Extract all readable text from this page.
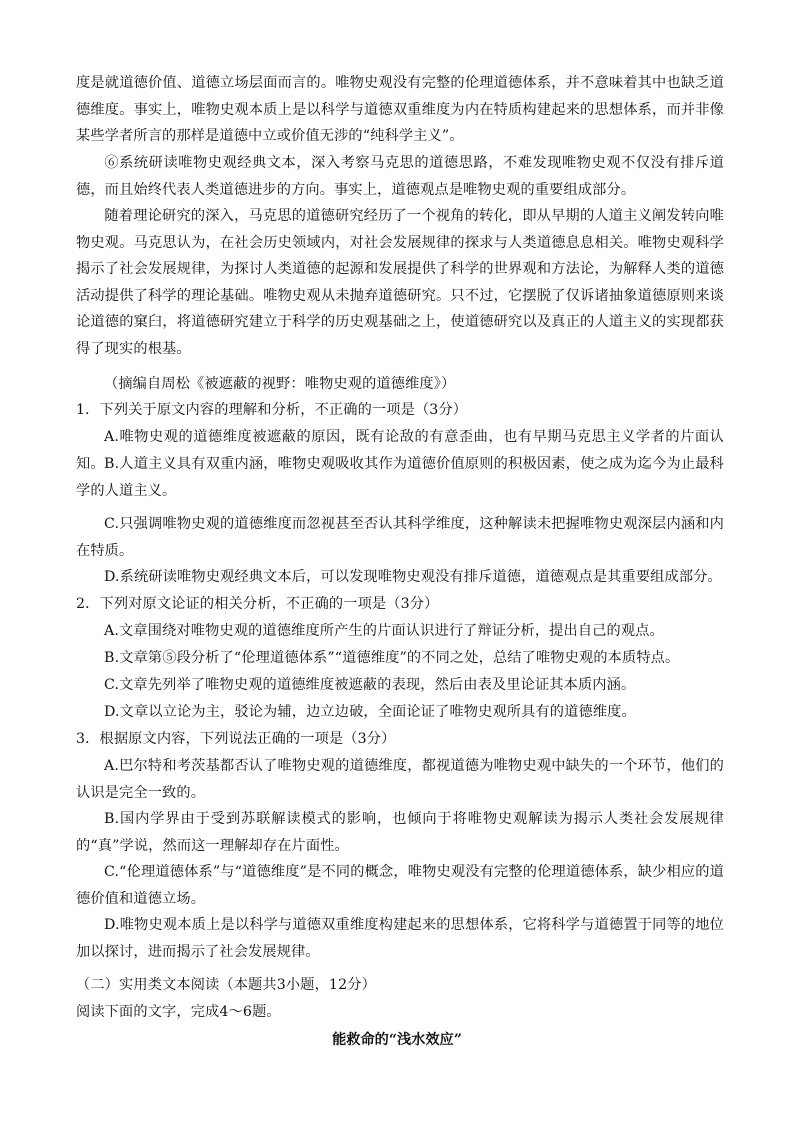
度是就道德价值、道德立场层面而言的。唯物史观没有完整的伦理道德体系，并不意味着其中也缺乏道德维度。事实上，唯物史观本质上是以科学与道德双重维度为内在特质构建起来的思想体系，而并非像某些学者所言的那样是道德中立或价值无涉的“纯科学主义”。

⑥系统研读唯物史观经典文本，深入考察马克思的道德思路，不难发现唯物史观不仅没有排斥道德，而且始终代表人类道德进步的方向。事实上，道德观点是唯物史观的重要组成部分。

随着理论研究的深入，马克思的道德研究经历了一个视角的转化，即从早期的人道主义阐发转向唯物史观。马克思认为，在社会历史领域内，对社会发展规律的探求与人类道德息息相关。唯物史观科学揭示了社会发展规律，为探讨人类道德的起源和发展提供了科学的世界观和方法论，为解释人类的道德活动提供了科学的理论基础。唯物史观从未抛弃道德研究。只不过，它摆脱了仅诉诸抽象道德原则来谈论道德的窠臼，将道德研究建立于科学的历史观基础之上，使道德研究以及真正的人道主义的实现都获得了现实的根基。

（摘编自周松《被遮蔽的视野：唯物史观的道德维度》）

1．下列关于原文内容的理解和分析，不正确的一项是（3分）

A.唯物史观的道德维度被遮蔽的原因，既有论敌的有意歪曲，也有早期马克思主义学者的片面认知。 B.人道主义具有双重内涵，唯物史观吸收其作为道德价值原则的积极因素，使之成为迄今为止最科学的人道主义。

C.只强调唯物史观的道德维度而忽视甚至否认其科学维度，这种解读未把握唯物史观深层内涵和内在特质。

D.系统研读唯物史观经典文本后，可以发现唯物史观没有排斥道德，道德观点是其重要组成部分。

2．下列对原文论证的相关分析，不正确的一项是（3分）

A.文章围绕对唯物史观的道德维度所产生的片面认识进行了辩证分析，提出自己的观点。

B.文章第⑤段分析了“伦理道德体系”“道德维度”的不同之处，总结了唯物史观的本质特点。

C.文章先列举了唯物史观的道德维度被遮蔽的表现，然后由表及里论证其本质内涵。

D.文章以立论为主，驳论为辅，边立边破，全面论证了唯物史观所具有的道德维度。

3．根据原文内容，下列说法正确的一项是（3分）

A.巴尔特和考茨基都否认了唯物史观的道德维度，都视道德为唯物史观中缺失的一个环节，他们的认识是完全一致的。

B.国内学界由于受到苏联解读模式的影响，也倾向于将唯物史观解读为揭示人类社会发展规律的“真”学说，然而这一理解却存在片面性。

C.“伦理道德体系”与“道德维度”是不同的概念，唯物史观没有完整的伦理道德体系，缺少相应的道德价值和道德立场。

D.唯物史观本质上是以科学与道德双重维度构建起来的思想体系，它将科学与道德置于同等的地位加以探讨，进而揭示了社会发展规律。

（二）实用类文本阅读（本题共3小题，12分）

阅读下面的文字，完成4～6题。

能救命的“浅水效应”
